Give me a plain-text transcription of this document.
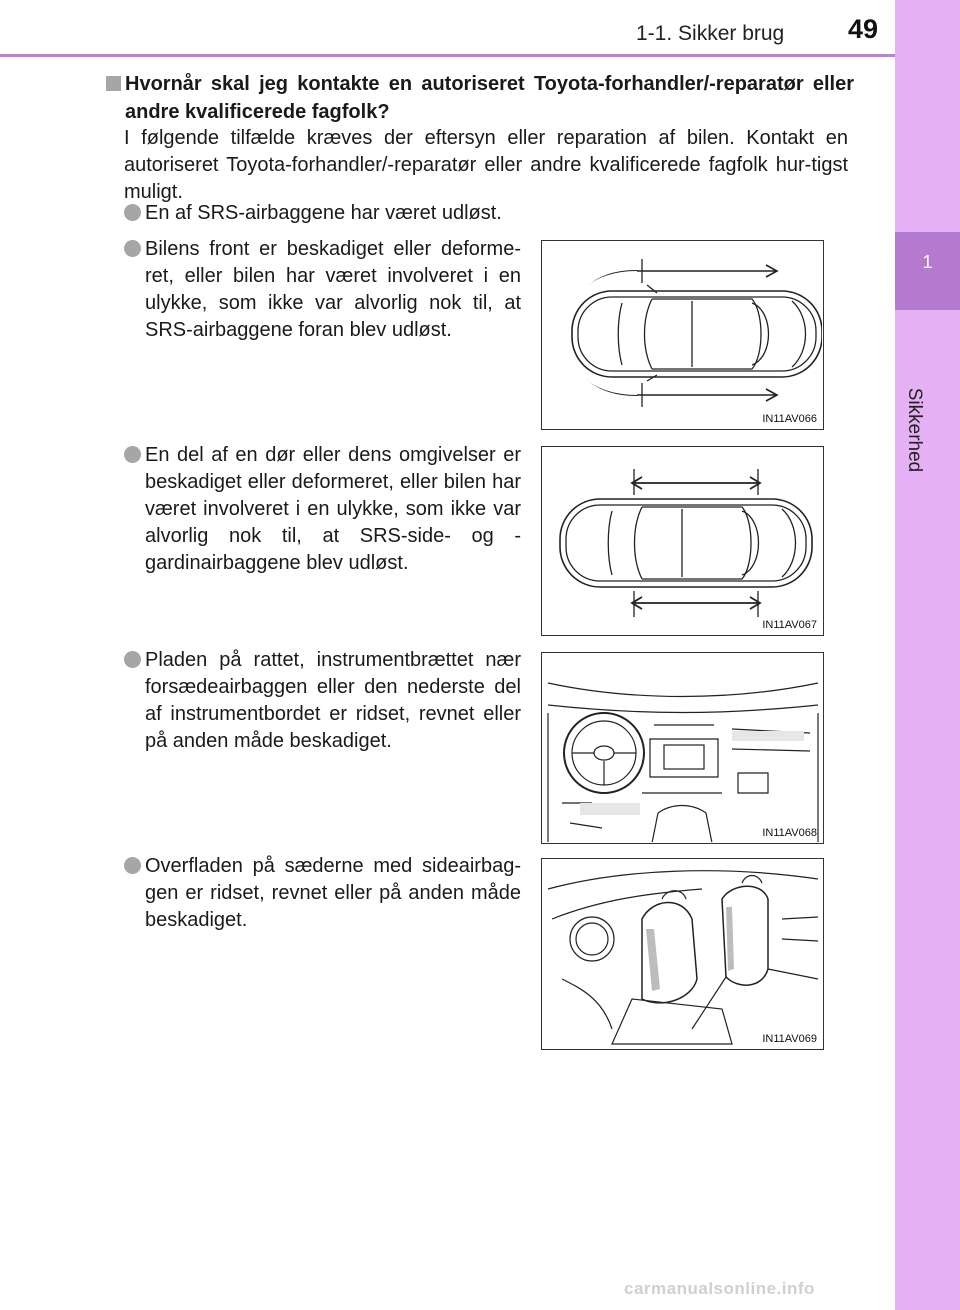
1-1. Sikker brug 49
1
Sikkerhed
Hvornår skal jeg kontakte en autoriseret Toyota-forhandler/-reparatør eller andre kvalificerede fagfolk?
I følgende tilfælde kræves der eftersyn eller reparation af bilen. Kontakt en autoriseret Toyota-forhandler/-reparatør eller andre kvalificerede fagfolk hur-tigst muligt.
En af SRS-airbaggene har været udløst.
Bilens front er beskadiget eller deforme-ret, eller bilen har været involveret i en ulykke, som ikke var alvorlig nok til, at SRS-airbaggene foran blev udløst.
En del af en dør eller dens omgivelser er beskadiget eller deformeret, eller bilen har været involveret i en ulykke, som ikke var alvorlig nok til, at SRS-side- og -gardinairbaggene blev udløst.
Pladen på rattet, instrumentbrættet nær forsædeairbaggen eller den nederste del af instrumentbordet er ridset, revnet eller på anden måde beskadiget.
Overfladen på sæderne med sideairbag-gen er ridset, revnet eller på anden måde beskadiget.
IN11AV066
IN11AV067
IN11AV068
IN11AV069
carmanualsonline.info
